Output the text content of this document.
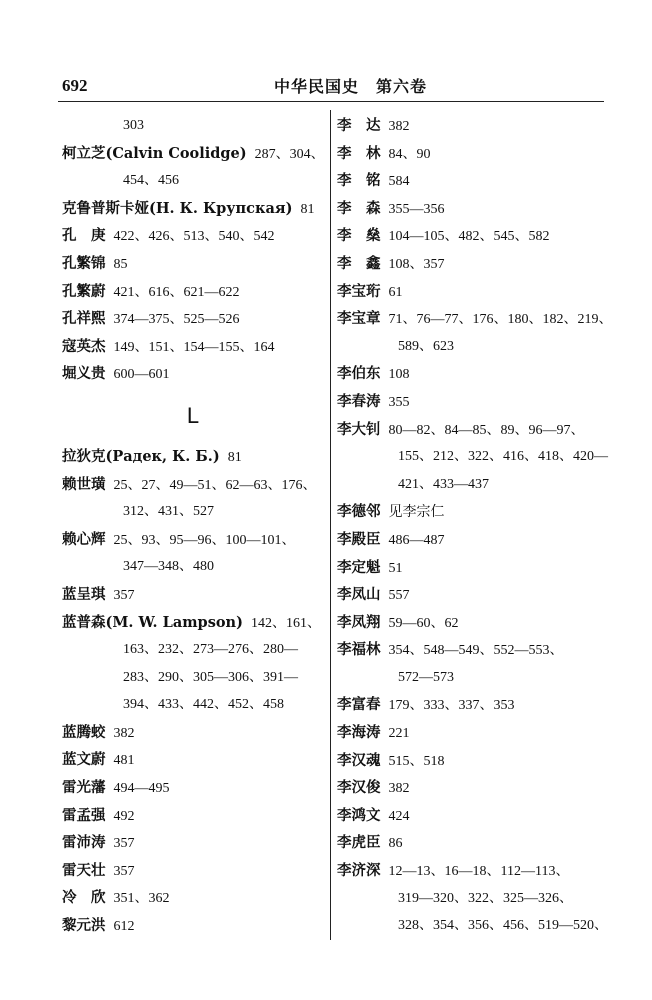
692	中华民国史　第六卷
303
柯立芝(Calvin Coolidge) 287、304、
454、456
克鲁普斯卡娅(Н. К. Крупская) 81
孔　庚 422、426、513、540、542
孔繁锦 85
孔繁蔚 421、616、621—622
孔祥熙 374—375、525—526
寇英杰 149、151、154—155、164
堀义贵 600—601
L
拉狄克(Радек, К. Б.) 81
赖世璜 25、27、49—51、62—63、176、
312、431、527
赖心辉 25、93、95—96、100—101、
347—348、480
蓝呈琪 357
蓝普森(M. W. Lampson) 142、161、
163、232、273—276、280—
283、290、305—306、391—
394、433、442、452、458
蓝腾蛟 382
蓝文蔚 481
雷光藩 494—495
雷孟强 492
雷沛涛 357
雷天壮 357
冷　欣 351、362
黎元洪 612
李　达 382
李　林 84、90
李　铭 584
李　森 355—356
李　燊 104—105、482、545、582
李　鑫 108、357
李宝珩 61
李宝章 71、76—77、176、180、182、219、
589、623
李伯东 108
李春涛 355
李大钊 80—82、84—85、89、96—97、
155、212、322、416、418、420—
421、433—437
李德邻 见李宗仁
李殿臣 486—487
李定魁 51
李凤山 557
李凤翔 59—60、62
李福林 354、548—549、552—553、
572—573
李富春 179、333、337、353
李海涛 221
李汉魂 515、518
李汉俊 382
李鸿文 424
李虎臣 86
李济深 12—13、16—18、112—113、
319—320、322、325—326、
328、354、356、456、519—520、
